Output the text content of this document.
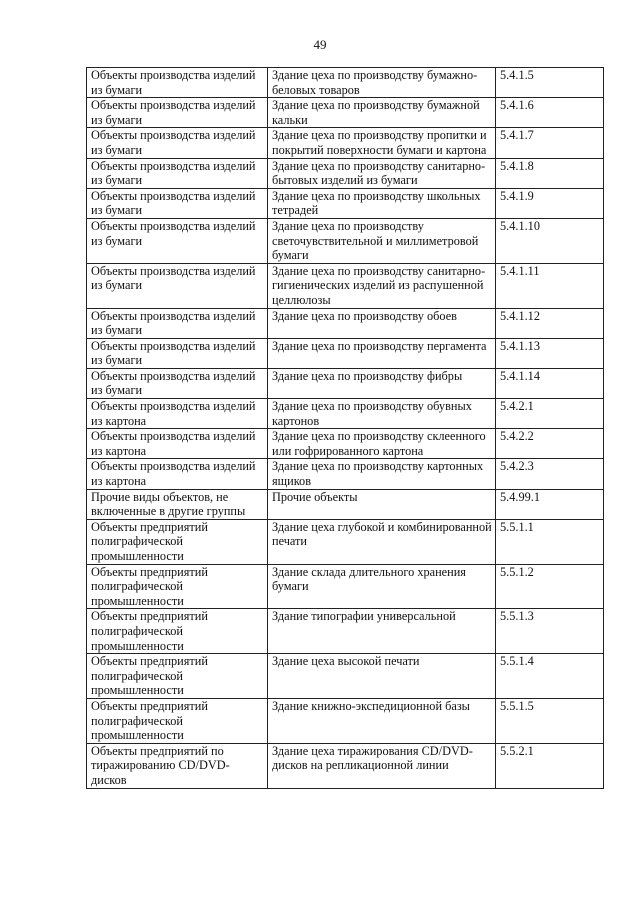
49
Объекты производства изделий из бумаги	Здание цеха по производству бумажно-беловых товаров	5.4.1.5
Объекты производства изделий из бумаги	Здание цеха по производству бумажной кальки	5.4.1.6
Объекты производства изделий из бумаги	Здание цеха по производству пропитки и покрытий поверхности бумаги и картона	5.4.1.7
Объекты производства изделий из бумаги	Здание цеха по производству санитарно-бытовых изделий из бумаги	5.4.1.8
Объекты производства изделий из бумаги	Здание цеха по производству школьных тетрадей	5.4.1.9
Объекты производства изделий из бумаги	Здание цеха по производству светочувствительной и миллиметровой бумаги	5.4.1.10
Объекты производства изделий из бумаги	Здание цеха по производству санитарно-гигиенических изделий из распушенной целлюлозы	5.4.1.11
Объекты производства изделий из бумаги	Здание цеха по производству обоев	5.4.1.12
Объекты производства изделий из бумаги	Здание цеха по производству пергамента	5.4.1.13
Объекты производства изделий из бумаги	Здание цеха по производству фибры	5.4.1.14
Объекты производства изделий из картона	Здание цеха по производству обувных картонов	5.4.2.1
Объекты производства изделий из картона	Здание цеха по производству склеенного или гофрированного картона	5.4.2.2
Объекты производства изделий из картона	Здание цеха по производству картонных ящиков	5.4.2.3
Прочие виды объектов, не включенные в другие группы	Прочие объекты	5.4.99.1
Объекты предприятий полиграфической промышленности	Здание цеха глубокой и комбинированной печати	5.5.1.1
Объекты предприятий полиграфической промышленности	Здание склада длительного хранения бумаги	5.5.1.2
Объекты предприятий полиграфической промышленности	Здание типографии универсальной	5.5.1.3
Объекты предприятий полиграфической промышленности	Здание цеха высокой печати	5.5.1.4
Объекты предприятий полиграфической промышленности	Здание книжно-экспедиционной базы	5.5.1.5
Объекты предприятий по тиражированию CD/DVD-дисков	Здание цеха тиражирования CD/DVD-дисков на репликационной линии	5.5.2.1
